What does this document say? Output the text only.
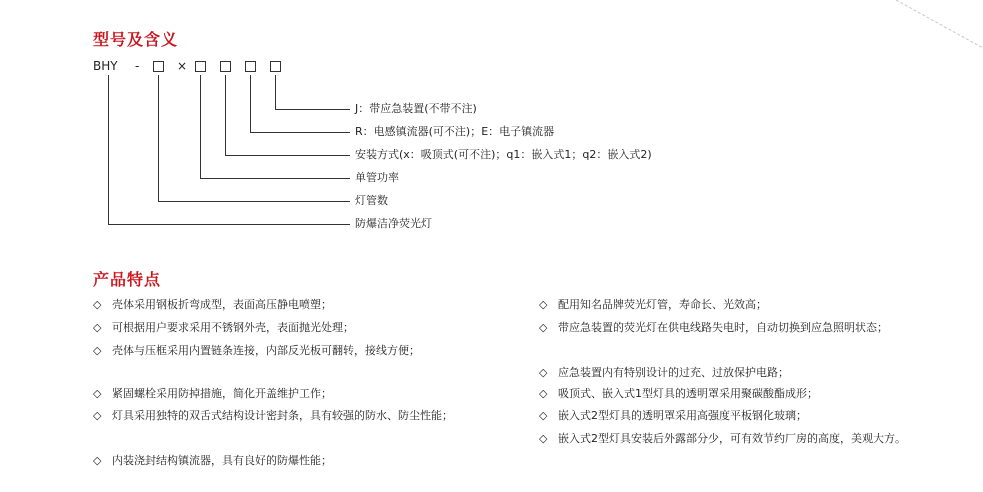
型号及含义
BHY -	×
J：带应急装置(不带不注)
R：电感镇流器(可不注)；E：电子镇流器
安装方式(x：吸顶式(可不注)；q1：嵌入式1；q2：嵌入式2)
单管功率
灯管数
防爆洁净荧光灯
产品特点
◇ 壳体采用钢板折弯成型，表面高压静电喷塑；
◇ 可根据用户要求采用不锈钢外壳，表面抛光处理；
◇ 壳体与压框采用内置链条连接，内部反光板可翻转，接线方便；
◇ 紧固螺栓采用防掉措施，简化开盖维护工作；
◇ 灯具采用独特的双舌式结构设计密封条，具有较强的防水、防尘性能；
◇ 内装浇封结构镇流器，具有良好的防爆性能；
◇ 配用知名品牌荧光灯管，寿命长、光效高；
◇ 带应急装置的荧光灯在供电线路失电时，自动切换到应急照明状态；
◇ 应急装置内有特别设计的过充、过放保护电路；
◇ 吸顶式、嵌入式1型灯具的透明罩采用聚碳酸酯成形；
◇ 嵌入式2型灯具的透明罩采用高强度平板钢化玻璃；
◇ 嵌入式2型灯具安装后外露部分少，可有效节约厂房的高度，美观大方。
